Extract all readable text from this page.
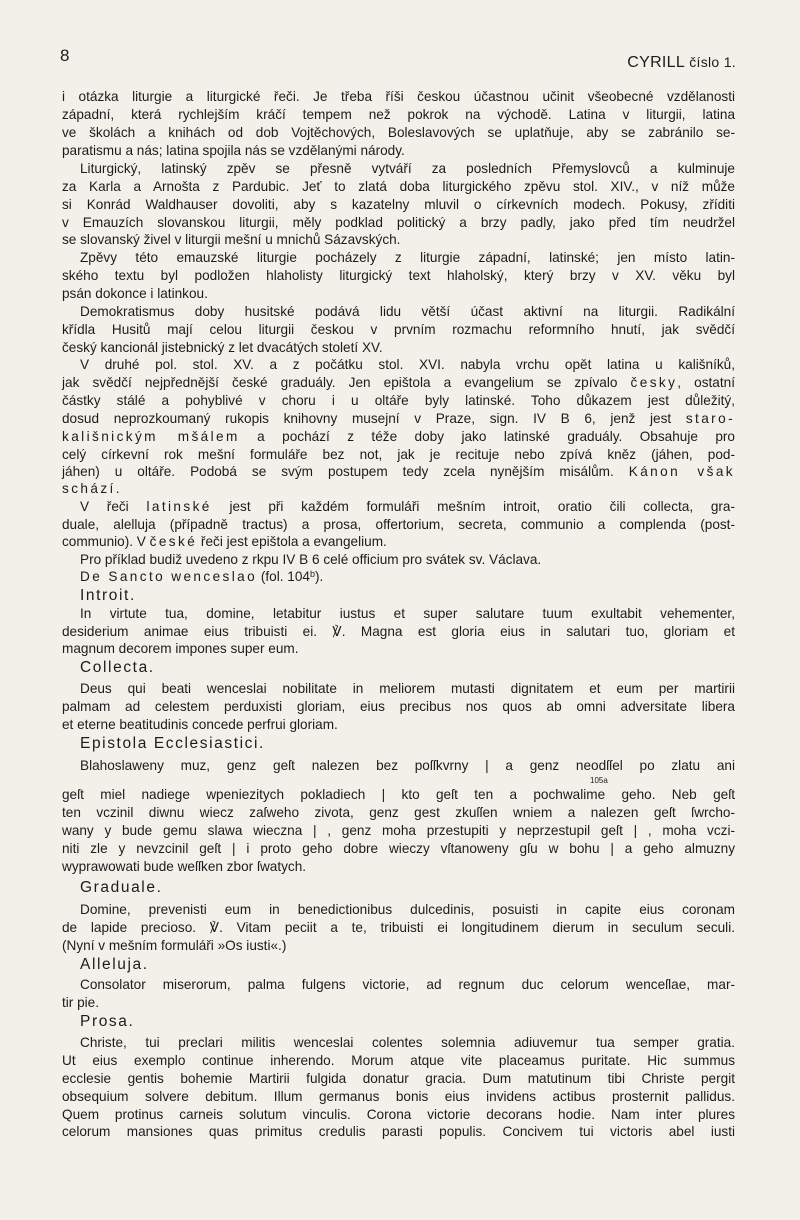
8	CYRILL číslo 1.
i otázka liturgie a liturgické řeči. Je třeba říši českou účastnou učinit všeobecné vzdělanosti
západní, která rychlejším kráčí tempem než pokrok na východě. Latina v liturgii, latina
ve školách a knihách od dob Vojtěchových, Boleslavových se uplatňuje, aby se zabránilo se-
paratismu a nás; latina spojila nás se vzdělanými národy.
Liturgický, latinský zpěv se přesně vytváří za posledních Přemyslovců a kulminuje
za Karla a Arnošta z Pardubic. Jeť to zlatá doba liturgického zpěvu stol. XIV., v níž může
si Konrád Waldhauser dovoliti, aby s kazatelny mluvil o církevních modech. Pokusy, zříditi
v Emauzích slovanskou liturgii, měly podklad politický a brzy padly, jako před tím neudržel
se slovanský živel v liturgii mešní u mnichů Sázavských.
Zpěvy této emauzské liturgie pocházely z liturgie západní, latinské; jen místo latin-
ského textu byl podložen hlaholisty liturgický text hlaholský, který brzy v XV. věku byl
psán dokonce i latinkou.
Demokratismus doby husitské podává lidu větší účast aktivní na liturgii. Radikální
křídla Husitů mají celou liturgii českou v prvním rozmachu reformního hnutí, jak svědčí
český kancionál jistebnický z let dvacátých století XV.
V druhé pol. stol. XV. a z počátku stol. XVI. nabyla vrchu opět latina u kališníků,
jak svědčí nejpřednější české graduály. Jen epištola a evangelium se zpívalo česky, ostatní
částky stálé a pohyblivé v choru i u oltáře byly latinské. Toho důkazem jest důležitý,
dosud neprozkoumaný rukopis knihovny musejní v Praze, sign. IV B 6, jenž jest staro-
kališnickým mšálem a pochází z téže doby jako latinské graduály. Obsahuje pro
celý církevní rok mešní formuláře bez not, jak je recituje nebo zpívá kněz (jáhen, pod-
jáhen) u oltáře. Podobá se svým postupem tedy zcela nynějším misálům. Kánon však
schází.
V řeči latinské jest při každém formuláři mešním introit, oratio čili collecta, gra-
duale, alelluja (případně tractus) a prosa, offertorium, secreta, communio a complenda (post-
communio). V české řeči jest epištola a evangelium.
Pro příklad budiž uvedeno z rkpu IV B 6 celé officium pro svátek sv. Václava.
De Sancto wenceslao (fol. 104$^b$).
Introit.
In virtute tua, domine, letabitur iustus et super salutare tuum exultabit vehementer,
desiderium animae eius tribuisti ei. ℣. Magna est gloria eius in salutari tuo, gloriam et
magnum decorem impones super eum.
Collecta.
Deus qui beati wenceslai nobilitate in meliorem mutasti dignitatem et eum per martirii
palmam ad celestem perduxisti gloriam, eius precibus nos quos ab omni adversitate libera
et eterne beatitudinis concede perfrui gloriam.
Epistola Ecclesiastici.
Blahoslaweny muz, genz geſt nalezen bez poſſkvrny | a genz neodſſel po zlatu ani
geſt miel nadiege wpeniezitych pokladiech | kto geſt ten a pochwalime geho. Neb geſt
ten vczinil diwnu wiecz zaſweho zivota, genz gest zkuſſen wniem a nalezen geſt ſwrcho-
wany y bude gemu slawa wieczna | , genz moha przestupiti y neprzestupil geſt | , moha vczi-
niti zle y nevzcinil geſt | i proto geho dobre wieczy vſtanoweny gſu w bohu | a geho almuzny
wyprawowati bude weſſken zbor ſwatych.
Graduale.
Domine, prevenisti eum in benedictionibus dulcedinis, posuisti in capite eius coronam
de lapide precioso. ℣. Vitam peciit a te, tribuisti ei longitudinem dierum in seculum seculi.
(Nyní v mešním formuláři »Os iusti«.)
Alleluja.
Consolator miserorum, palma fulgens victorie, ad regnum duc celorum wenceſlae, mar-
tir pie.
Prosa.
Christe, tui preclari militis wenceslai colentes solemnia adiuvemur tua semper gratia.
Ut eius exemplo continue inherendo. Morum atque vite placeamus puritate. Hic summus
ecclesie gentis bohemie Martirii fulgida donatur gracia. Dum matutinum tibi Christe pergit
obsequium solvere debitum. Illum germanus bonis eius invidens actibus prosternit pallidus.
Quem protinus carneis solutum vinculis. Corona victorie decorans hodie. Nam inter plures
celorum mansiones quas primitus credulis parasti populis. Concivem tui victoris abel iusti
105a
